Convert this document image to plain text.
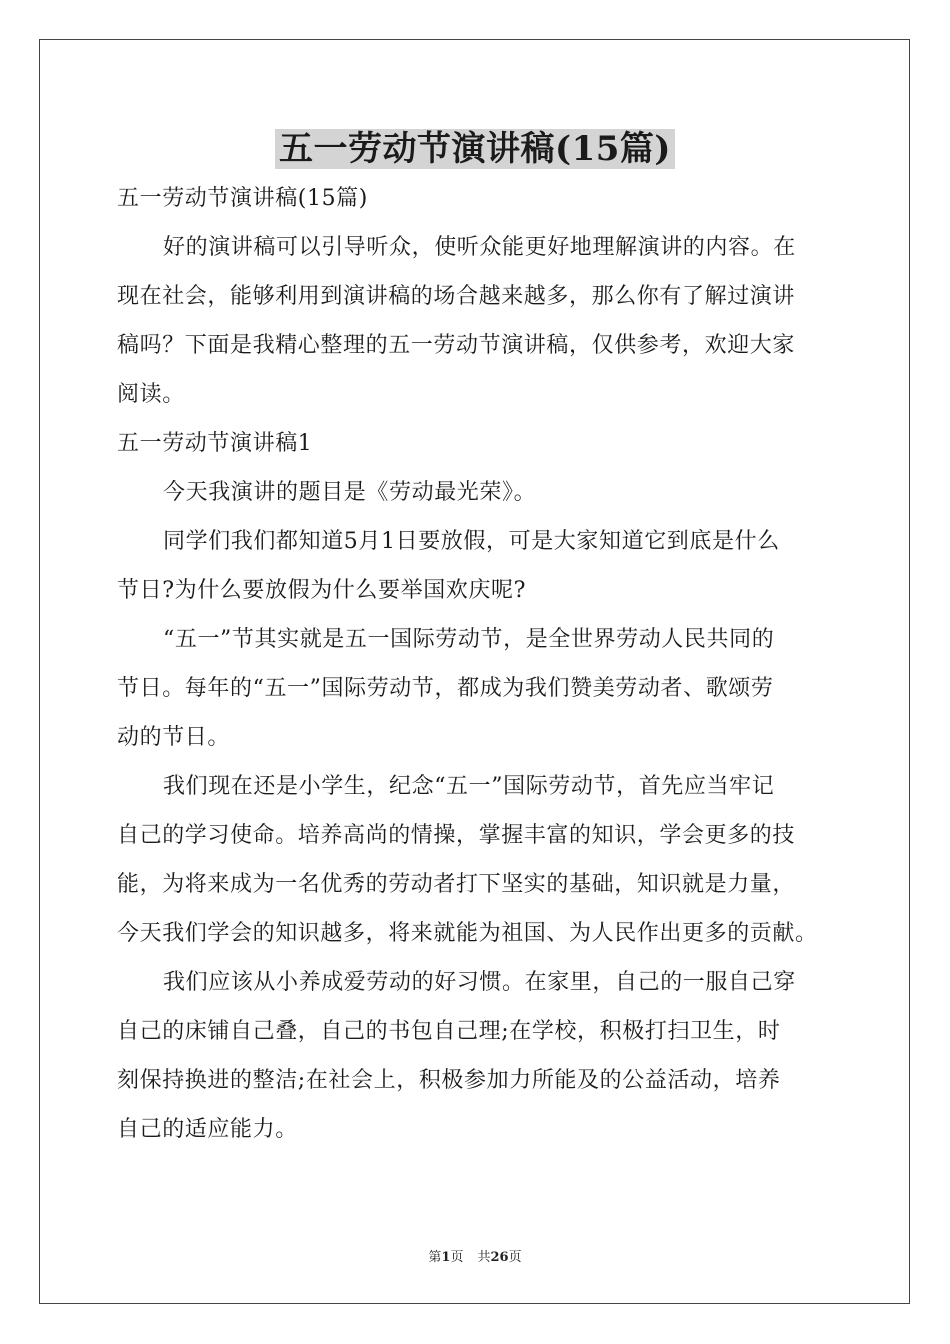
五一劳动节演讲稿(15篇)
五一劳动节演讲稿(15篇)
好的演讲稿可以引导听众，使听众能更好地理解演讲的内容。在
现在社会，能够利用到演讲稿的场合越来越多，那么你有了解过演讲
稿吗？下面是我精心整理的五一劳动节演讲稿，仅供参考，欢迎大家
阅读。
五一劳动节演讲稿1
今天我演讲的题目是《劳动最光荣》。
同学们我们都知道5月1日要放假，可是大家知道它到底是什么
节日?为什么要放假为什么要举国欢庆呢?
“五一”节其实就是五一国际劳动节，是全世界劳动人民共同的
节日。每年的“五一”国际劳动节，都成为我们赞美劳动者、歌颂劳
动的节日。
我们现在还是小学生，纪念“五一”国际劳动节，首先应当牢记
自己的学习使命。培养高尚的情操，掌握丰富的知识，学会更多的技
能，为将来成为一名优秀的劳动者打下坚实的基础，知识就是力量，
今天我们学会的知识越多，将来就能为祖国、为人民作出更多的贡献。
我们应该从小养成爱劳动的好习惯。在家里，自己的一服自己穿
自己的床铺自己叠，自己的书包自己理;在学校，积极打扫卫生，时
刻保持换进的整洁;在社会上，积极参加力所能及的公益活动，培养
自己的适应能力。
第1页 共26页
